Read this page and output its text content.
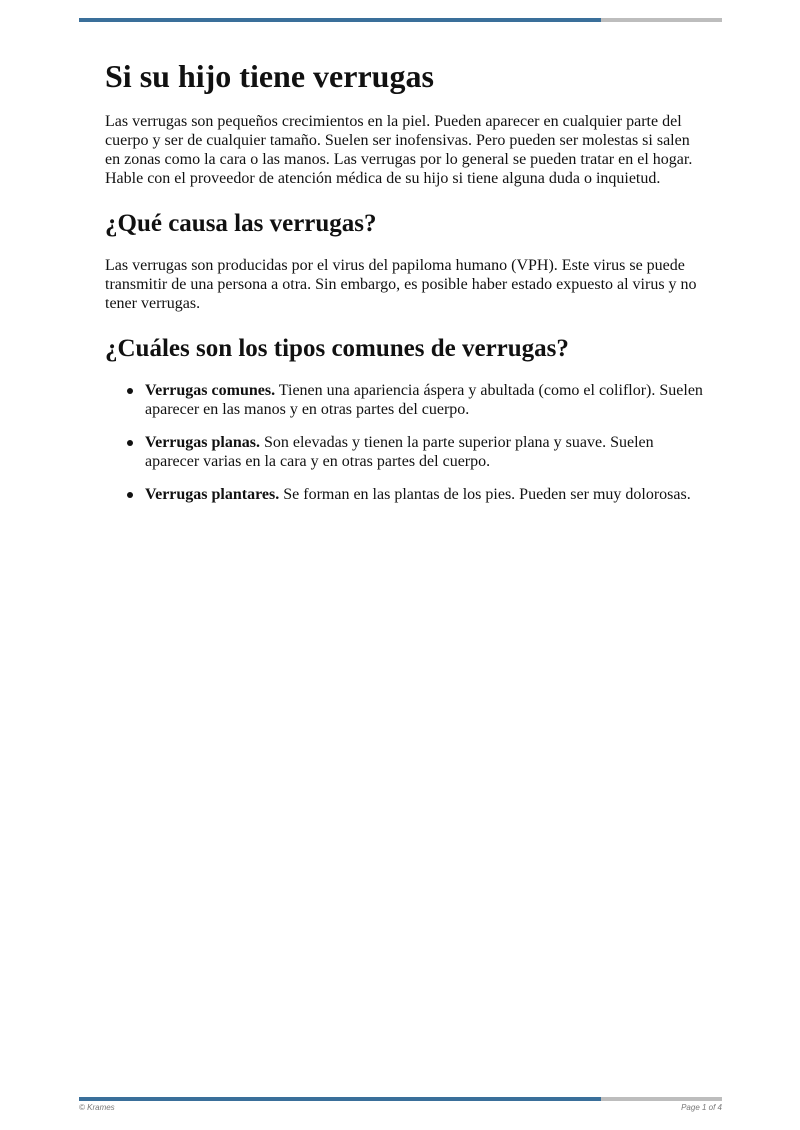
Si su hijo tiene verrugas

Las verrugas son pequeños crecimientos en la piel. Pueden aparecer en cualquier parte del cuerpo y ser de cualquier tamaño. Suelen ser inofensivas. Pero pueden ser molestas si salen en zonas como la cara o las manos. Las verrugas por lo general se pueden tratar en el hogar. Hable con el proveedor de atención médica de su hijo si tiene alguna duda o inquietud.

¿Qué causa las verrugas?

Las verrugas son producidas por el virus del papiloma humano (VPH). Este virus se puede transmitir de una persona a otra. Sin embargo, es posible haber estado expuesto al virus y no tener verrugas.

¿Cuáles son los tipos comunes de verrugas?
Verrugas comunes. Tienen una apariencia áspera y abultada (como el coliflor). Suelen aparecer en las manos y en otras partes del cuerpo.
Verrugas planas. Son elevadas y tienen la parte superior plana y suave. Suelen aparecer varias en la cara y en otras partes del cuerpo.
Verrugas plantares. Se forman en las plantas de los pies. Pueden ser muy dolorosas.
© Krames	Page 1 of 4
